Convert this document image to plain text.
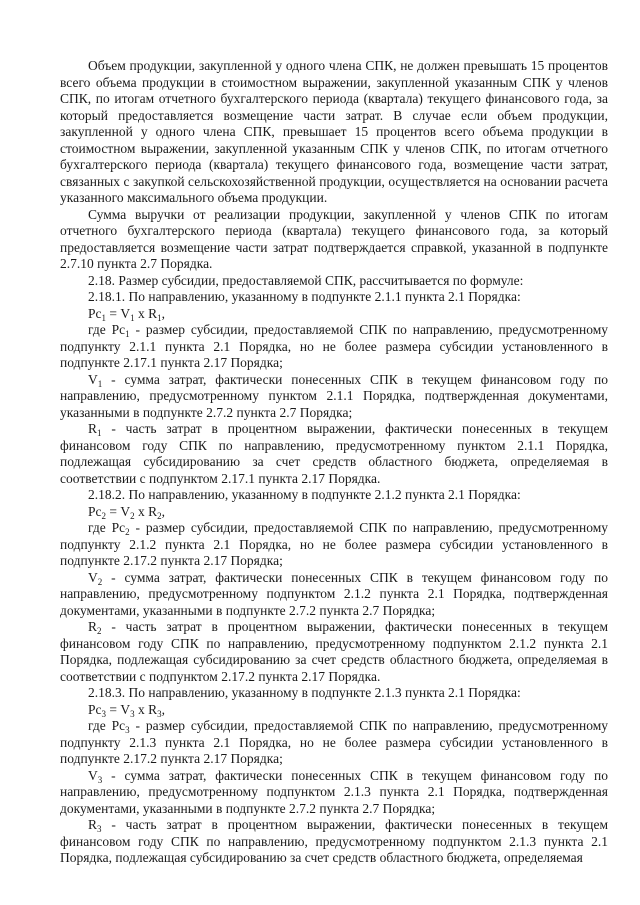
Объем продукции, закупленной у одного члена СПК, не должен превышать 15 процентов всего объема продукции в стоимостном выражении, закупленной указанным СПК у членов СПК, по итогам отчетного бухгалтерского периода (квартала) текущего финансового года, за который предоставляется возмещение части затрат. В случае если объем продукции, закупленной у одного члена СПК, превышает 15 процентов всего объема продукции в стоимостном выражении, закупленной указанным СПК у членов СПК, по итогам отчетного бухгалтерского периода (квартала) текущего финансового года, возмещение части затрат, связанных с закупкой сельскохозяйственной продукции, осуществляется на основании расчета указанного максимального объема продукции.

Сумма выручки от реализации продукции, закупленной у членов СПК по итогам отчетного бухгалтерского периода (квартала) текущего финансового года, за который предоставляется возмещение части затрат подтверждается справкой, указанной в подпункте 2.7.10 пункта 2.7 Порядка.

2.18. Размер субсидии, предоставляемой СПК, рассчитывается по формуле:

2.18.1. По направлению, указанному в подпункте 2.1.1 пункта 2.1 Порядка:

$Рс_1 = V_1$ х $R_1$,

где $Рс_1$ - размер субсидии, предоставляемой СПК по направлению, предусмотренному подпункту 2.1.1 пункта 2.1 Порядка, но не более размера субсидии установленного в подпункте 2.17.1 пункта 2.17 Порядка;

$V_1$ - сумма затрат, фактически понесенных СПК в текущем финансовом году по направлению, предусмотренному пунктом 2.1.1 Порядка, подтвержденная документами, указанными в подпункте 2.7.2 пункта 2.7 Порядка;

$R_1$ - часть затрат в процентном выражении, фактически понесенных в текущем финансовом году СПК по направлению, предусмотренному пунктом 2.1.1 Порядка, подлежащая субсидированию за счет средств областного бюджета, определяемая в соответствии с подпунктом 2.17.1 пункта 2.17 Порядка.

2.18.2. По направлению, указанному в подпункте 2.1.2 пункта 2.1 Порядка:

$Рс_2 = V_2$ х $R_2$,

где $Рс_2$ - размер субсидии, предоставляемой СПК по направлению, предусмотренному подпункту 2.1.2 пункта 2.1 Порядка, но не более размера субсидии установленного в подпункте 2.17.2 пункта 2.17 Порядка;

$V_2$ - сумма затрат, фактически понесенных СПК в текущем финансовом году по направлению, предусмотренному подпунктом 2.1.2 пункта 2.1 Порядка, подтвержденная документами, указанными в подпункте 2.7.2 пункта 2.7 Порядка;

$R_2$ - часть затрат в процентном выражении, фактически понесенных в текущем финансовом году СПК по направлению, предусмотренному подпунктом 2.1.2 пункта 2.1 Порядка, подлежащая субсидированию за счет средств областного бюджета, определяемая в соответствии с подпунктом 2.17.2 пункта 2.17 Порядка.

2.18.3. По направлению, указанному в подпункте 2.1.3 пункта 2.1 Порядка:

$Рс_3 = V_3$ х $R_3$,

где $Рс_3$ - размер субсидии, предоставляемой СПК по направлению, предусмотренному подпункту 2.1.3 пункта 2.1 Порядка, но не более размера субсидии установленного в подпункте 2.17.2 пункта 2.17 Порядка;

$V_3$ - сумма затрат, фактически понесенных СПК в текущем финансовом году по направлению, предусмотренному подпунктом 2.1.3 пункта 2.1 Порядка, подтвержденная документами, указанными в подпункте 2.7.2 пункта 2.7 Порядка;

$R_3$ - часть затрат в процентном выражении, фактически понесенных в текущем финансовом году СПК по направлению, предусмотренному подпунктом 2.1.3 пункта 2.1 Порядка, подлежащая субсидированию за счет средств областного бюджета, определяемая
